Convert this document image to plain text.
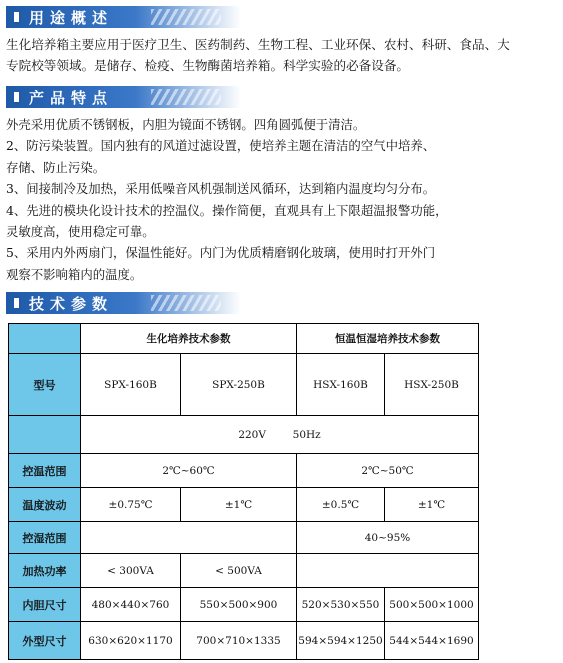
用途概述

生化培养箱主要应用于医疗卫生、医药制药、生物工程、工业环保、农村、科研、食品、大

专院校等领域。是储存、检疫、生物酶菌培养箱。科学实验的必备设备。

产品特点

外壳采用优质不锈钢板，内胆为镜面不锈钢。四角圆弧便于清洁。

2、防污染装置。国内独有的风道过滤设置，使培养主题在清洁的空气中培养、

存储、防止污染。

3、间接制冷及加热，采用低噪音风机强制送风循环，达到箱内温度均匀分布。

4、先进的模块化设计技术的控温仪。操作简便，直观具有上下限超温报警功能，

灵敏度高，使用稳定可靠。

5、采用内外两扇门，保温性能好。内门为优质精磨钢化玻璃，使用时打开外门

观察不影响箱内的温度。

技术参数
	生化培养技术参数		恒温恒湿培养技术参数	
型号	SPX-160B	SPX-250B	HSX-160B	HSX-250B
	220V        50Hz			
控温范围	2℃~60℃		2℃~50℃	
温度波动	±0.75℃	±1℃	±0.5℃	±1℃
控湿范围			40~95%	
加热功率	< 300VA	< 500VA		
内胆尺寸	480×440×760	550×500×900	520×530×550	500×500×1000
外型尺寸	630×620×1170	700×710×1335	594×594×1250	544×544×1690
